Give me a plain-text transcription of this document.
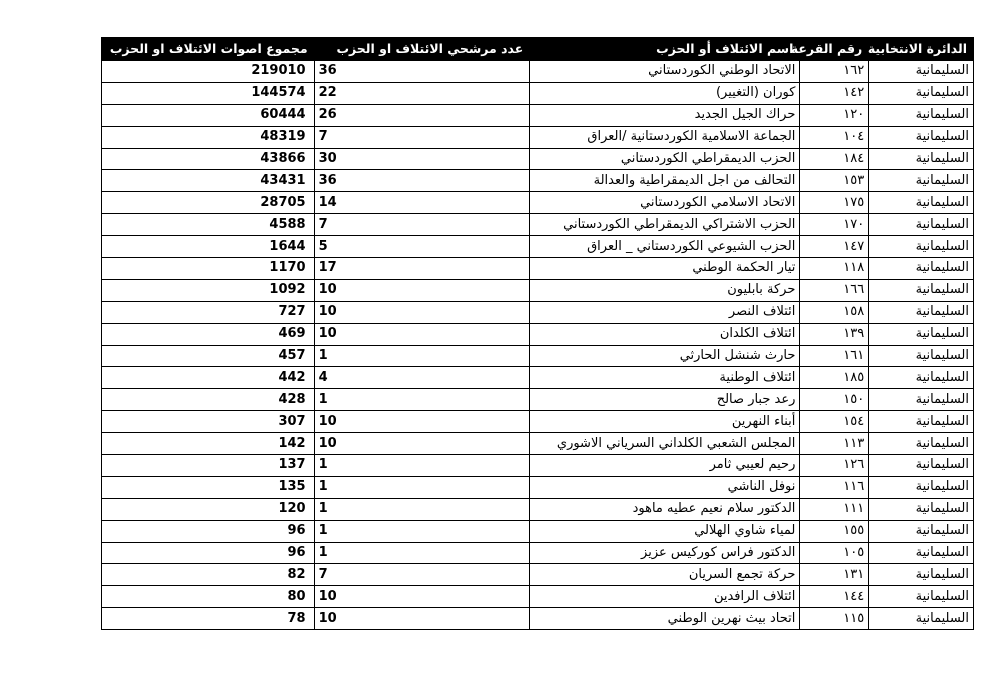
مجموع اصوات الائتلاف او الحزب	عدد مرشحي الائتلاف او الحزب	اسم الائتلاف أو الحزب	رقم القرعة	الدائرة الانتخابية
219010	36	الاتحاد الوطني الكوردستاني	١٦٢	السليمانية
144574	22	كوران (التغيير)	١٤٢	السليمانية
60444	26	حراك الجيل الجديد	١٢٠	السليمانية
48319	7	الجماعة الاسلامية الكوردستانية /العراق	١٠٤	السليمانية
43866	30	الحزب الديمقراطي الكوردستاني	١٨٤	السليمانية
43431	36	التحالف من اجل الديمقراطية والعدالة	١٥٣	السليمانية
28705	14	الاتحاد الاسلامي الكوردستاني	١٧٥	السليمانية
4588	7	الحزب الاشتراكي الديمقراطي الكوردستاني	١٧٠	السليمانية
1644	5	الحزب الشيوعي الكوردستاني _ العراق	١٤٧	السليمانية
1170	17	تيار الحكمة الوطني	١١٨	السليمانية
1092	10	حركة بابليون	١٦٦	السليمانية
727	10	ائتلاف النصر	١٥٨	السليمانية
469	10	ائتلاف الكلدان	١٣٩	السليمانية
457	1	حارث شنشل الحارثي	١٦١	السليمانية
442	4	ائتلاف الوطنية	١٨٥	السليمانية
428	1	رعد جبار صالح	١٥٠	السليمانية
307	10	أبناء النهرين	١٥٤	السليمانية
142	10	المجلس الشعبي الكلداني السرياني الاشوري	١١٣	السليمانية
137	1	رحيم لعيبي ثامر	١٢٦	السليمانية
135	1	نوفل الناشي	١١٦	السليمانية
120	1	الدكتور سلام نعيم عطيه ماهود	١١١	السليمانية
96	1	لمياء شاوي الهلالي	١٥٥	السليمانية
96	1	الدكتور فراس كوركيس عزيز	١٠٥	السليمانية
82	7	حركة تجمع السريان	١٣١	السليمانية
80	10	ائتلاف الرافدين	١٤٤	السليمانية
78	10	اتحاد بيث نهرين الوطني	١١٥	السليمانية
